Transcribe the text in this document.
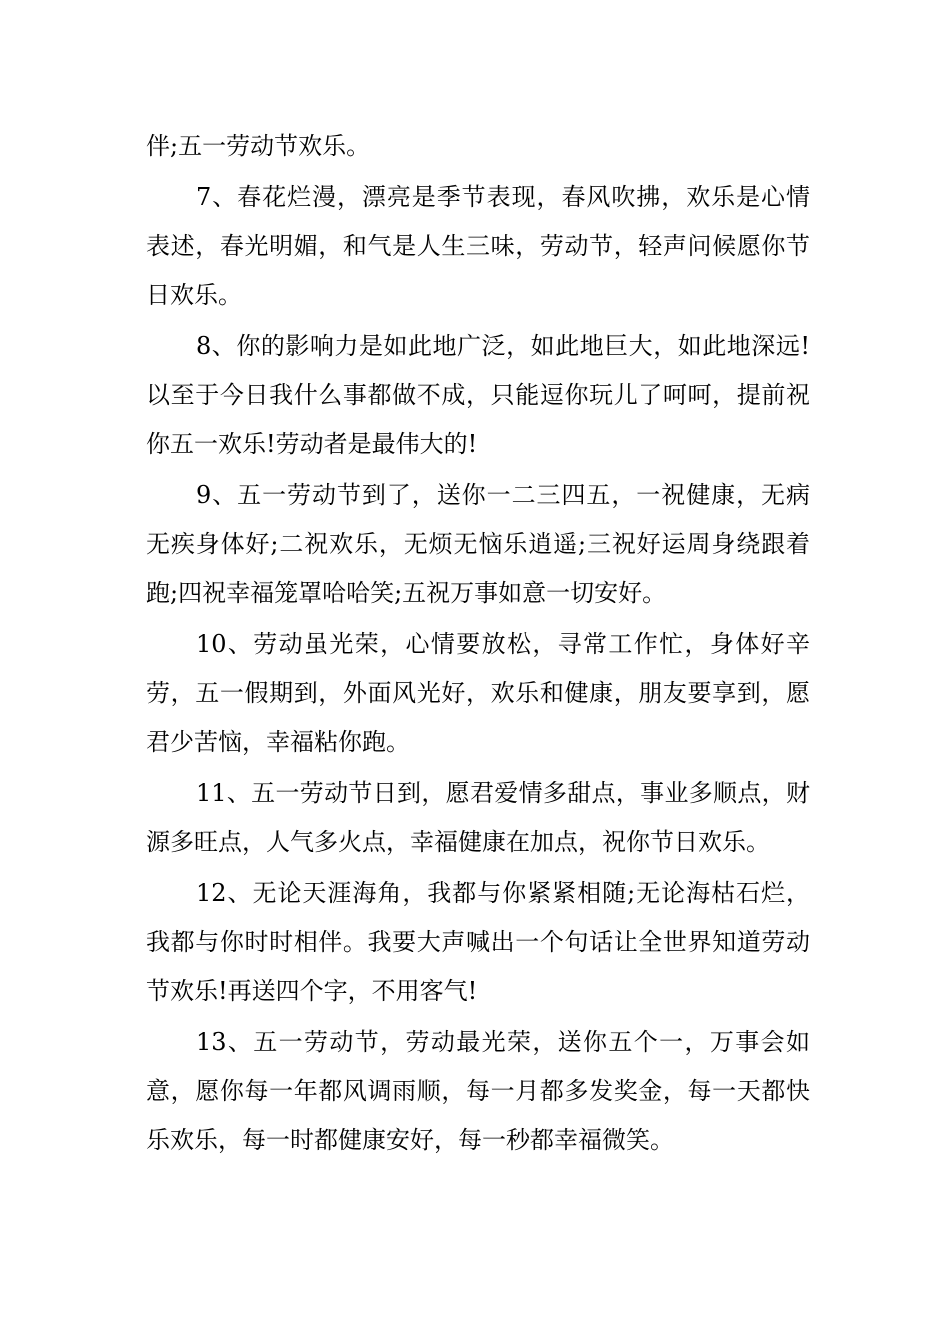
伴;五一劳动节欢乐。

7、春花烂漫，漂亮是季节表现，春风吹拂，欢乐是心情表述，春光明媚，和气是人生三味，劳动节，轻声问候愿你节日欢乐。

8、你的影响力是如此地广泛，如此地巨大，如此地深远!以至于今日我什么事都做不成，只能逗你玩儿了呵呵，提前祝你五一欢乐!劳动者是最伟大的!

9、五一劳动节到了，送你一二三四五，一祝健康，无病无疾身体好;二祝欢乐，无烦无恼乐逍遥;三祝好运周身绕跟着跑;四祝幸福笼罩哈哈笑;五祝万事如意一切安好。

10、劳动虽光荣，心情要放松，寻常工作忙，身体好辛劳，五一假期到，外面风光好，欢乐和健康，朋友要享到，愿君少苦恼，幸福粘你跑。

11、五一劳动节日到，愿君爱情多甜点，事业多顺点，财源多旺点，人气多火点，幸福健康在加点，祝你节日欢乐。

12、无论天涯海角，我都与你紧紧相随;无论海枯石烂，我都与你时时相伴。我要大声喊出一个句话让全世界知道劳动节欢乐!再送四个字，不用客气!

13、五一劳动节，劳动最光荣，送你五个一，万事会如意，愿你每一年都风调雨顺，每一月都多发奖金，每一天都快乐欢乐，每一时都健康安好，每一秒都幸福微笑。
